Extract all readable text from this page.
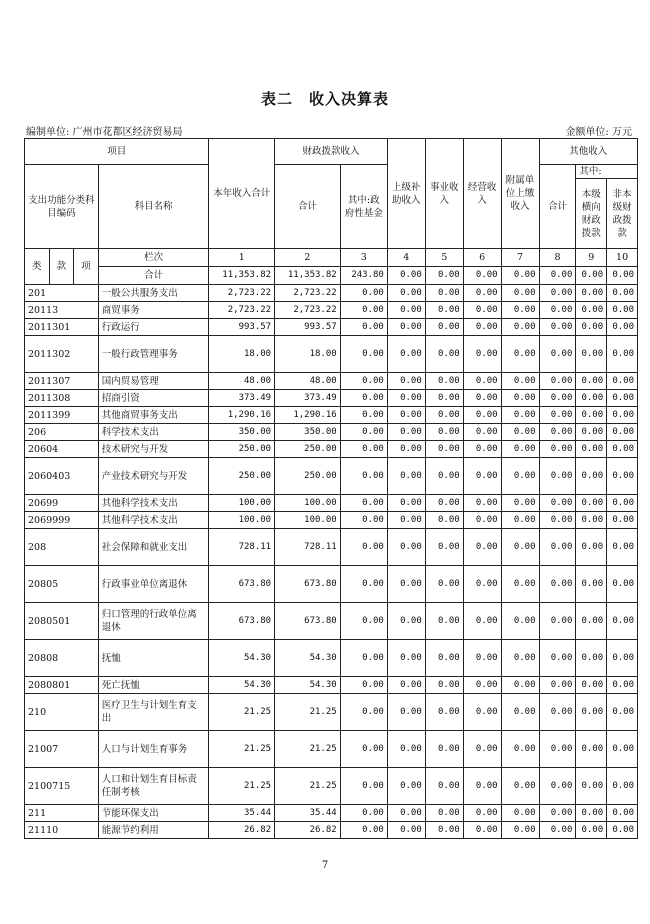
表二　收入决算表
编制单位: 广州市花都区经济贸易局	金额单位: 万元
项目				本年收入合计	财政拨款收入		上级补助收入	事业收入	经营收入	附属单位上缴收入	其他收入		
支出功能分类科目编码			科目名称		合计	其中:政府性基金					合计	其中:	
												本级横向财政拨款	非本级财政拨款
类	款	项	栏次	1	2	3	4	5	6	7	8	9	10
			合计	11,353.82	11,353.82	243.80	0.00	0.00	0.00	0.00	0.00	0.00	0.00
201			一般公共服务支出	2,723.22	2,723.22	0.00	0.00	0.00	0.00	0.00	0.00	0.00	0.00
20113			商贸事务	2,723.22	2,723.22	0.00	0.00	0.00	0.00	0.00	0.00	0.00	0.00
2011301			行政运行	993.57	993.57	0.00	0.00	0.00	0.00	0.00	0.00	0.00	0.00
2011302			一般行政管理事务	18.00	18.00	0.00	0.00	0.00	0.00	0.00	0.00	0.00	0.00
2011307			国内贸易管理	48.00	48.00	0.00	0.00	0.00	0.00	0.00	0.00	0.00	0.00
2011308			招商引资	373.49	373.49	0.00	0.00	0.00	0.00	0.00	0.00	0.00	0.00
2011399			其他商贸事务支出	1,290.16	1,290.16	0.00	0.00	0.00	0.00	0.00	0.00	0.00	0.00
206			科学技术支出	350.00	350.00	0.00	0.00	0.00	0.00	0.00	0.00	0.00	0.00
20604			技术研究与开发	250.00	250.00	0.00	0.00	0.00	0.00	0.00	0.00	0.00	0.00
2060403			产业技术研究与开发	250.00	250.00	0.00	0.00	0.00	0.00	0.00	0.00	0.00	0.00
20699			其他科学技术支出	100.00	100.00	0.00	0.00	0.00	0.00	0.00	0.00	0.00	0.00
2069999			其他科学技术支出	100.00	100.00	0.00	0.00	0.00	0.00	0.00	0.00	0.00	0.00
208			社会保障和就业支出	728.11	728.11	0.00	0.00	0.00	0.00	0.00	0.00	0.00	0.00
20805			行政事业单位离退休	673.80	673.80	0.00	0.00	0.00	0.00	0.00	0.00	0.00	0.00
2080501			归口管理的行政单位离退休	673.80	673.80	0.00	0.00	0.00	0.00	0.00	0.00	0.00	0.00
20808			抚恤	54.30	54.30	0.00	0.00	0.00	0.00	0.00	0.00	0.00	0.00
2080801			死亡抚恤	54.30	54.30	0.00	0.00	0.00	0.00	0.00	0.00	0.00	0.00
210			医疗卫生与计划生育支出	21.25	21.25	0.00	0.00	0.00	0.00	0.00	0.00	0.00	0.00
21007			人口与计划生育事务	21.25	21.25	0.00	0.00	0.00	0.00	0.00	0.00	0.00	0.00
2100715			人口和计划生育目标责任制考核	21.25	21.25	0.00	0.00	0.00	0.00	0.00	0.00	0.00	0.00
211			节能环保支出	35.44	35.44	0.00	0.00	0.00	0.00	0.00	0.00	0.00	0.00
21110			能源节约利用	26.82	26.82	0.00	0.00	0.00	0.00	0.00	0.00	0.00	0.00
7
